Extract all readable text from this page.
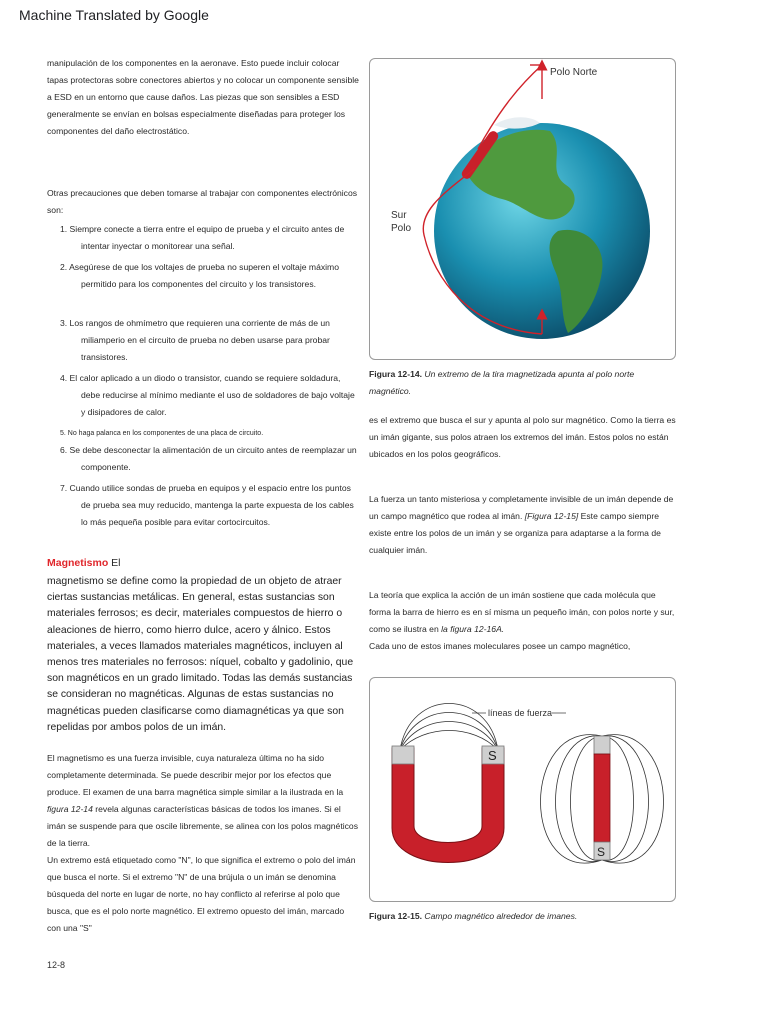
Machine Translated by Google

manipulación de los componentes en la aeronave. Esto puede incluir colocar tapas protectoras sobre conectores abiertos y no colocar un componente sensible a ESD en un entorno que cause daños. Las piezas que son sensibles a ESD generalmente se envían en bolsas especialmente diseñadas para proteger los componentes del daño electrostático.

Otras precauciones que deben tomarse al trabajar con componentes electrónicos son:

1. Siempre conecte a tierra entre el equipo de prueba y el circuito antes de intentar inyectar o monitorear una señal.
2. Asegúrese de que los voltajes de prueba no superen el voltaje máximo permitido para los componentes del circuito y los transistores.
3. Los rangos de ohmímetro que requieren una corriente de más de un miliamperio en el circuito de prueba no deben usarse para probar transistores.
4. El calor aplicado a un diodo o transistor, cuando se requiere soldadura, debe reducirse al mínimo mediante el uso de soldadores de bajo voltaje y disipadores de calor.
5. No haga palanca en los componentes de una placa de circuito.
6. Se debe desconectar la alimentación de un circuito antes de reemplazar un componente.
7. Cuando utilice sondas de prueba en equipos y el espacio entre los puntos de prueba sea muy reducido, mantenga la parte expuesta de los cables lo más pequeña posible para evitar cortocircuitos.
Magnetismo El

magnetismo se define como la propiedad de un objeto de atraer ciertas sustancias metálicas. En general, estas sustancias son materiales ferrosos; es decir, materiales compuestos de hierro o aleaciones de hierro, como hierro dulce, acero y álnico. Estos materiales, a veces llamados materiales magnéticos, incluyen al menos tres materiales no ferrosos: níquel, cobalto y gadolinio, que son magnéticos en un grado limitado. Todas las demás sustancias se consideran no magnéticas. Algunas de estas sustancias no magnéticas pueden clasificarse como diamagnéticas ya que son repelidas por ambos polos de un imán.

El magnetismo es una fuerza invisible, cuya naturaleza última no ha sido completamente determinada. Se puede describir mejor por los efectos que produce. El examen de una barra magnética simple similar a la ilustrada en la figura 12-14 revela algunas características básicas de todos los imanes. Si el imán se suspende para que oscile libremente, se alinea con los polos magnéticos de la tierra.

Un extremo está etiquetado como "N", lo que significa el extremo o polo del imán que busca el norte. Si el extremo "N" de una brújula o un imán se denomina búsqueda del norte en lugar de norte, no hay conflicto al referirse al polo que busca, que es el polo norte magnético. El extremo opuesto del imán, marcado con una "S"

12-8
Polo Norte
Sur
Polo
Figura 12-14. Un extremo de la tira magnetizada apunta al polo norte magnético.

es el extremo que busca el sur y apunta al polo sur magnético. Como la tierra es un imán gigante, sus polos atraen los extremos del imán. Estos polos no están ubicados en los polos geográficos.

La fuerza un tanto misteriosa y completamente invisible de un imán depende de un campo magnético que rodea al imán. [Figura 12-15] Este campo siempre existe entre los polos de un imán y se organiza para adaptarse a la forma de cualquier imán.

La teoría que explica la acción de un imán sostiene que cada molécula que forma la barra de hierro es en sí misma un pequeño imán, con polos norte y sur, como se ilustra en la figura 12-16A.
Cada uno de estos imanes moleculares posee un campo magnético,

S
líneas de fuerza
S
Figura 12-15. Campo magnético alrededor de imanes.
